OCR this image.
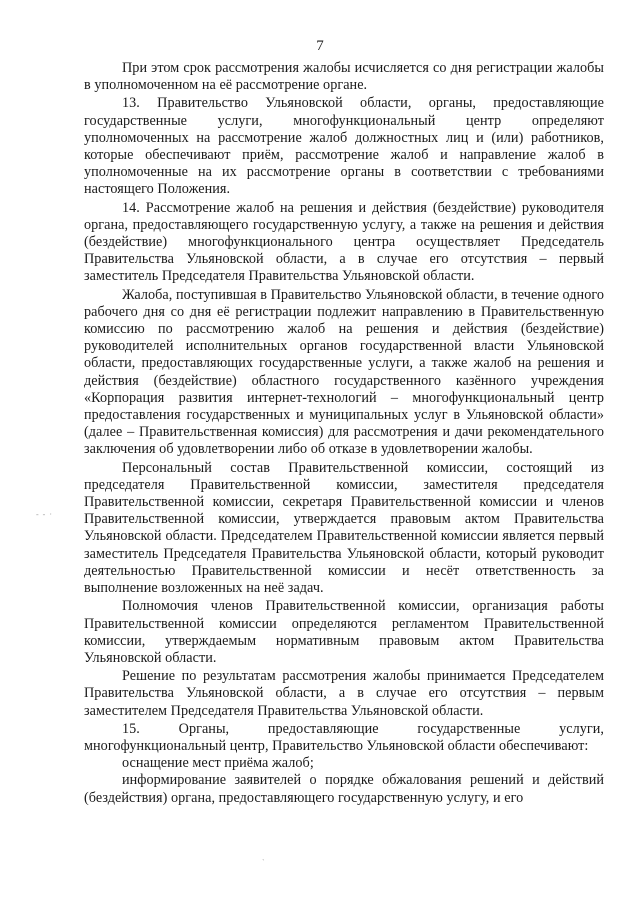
7

При этом срок рассмотрения жалобы исчисляется со дня регистрации жалобы в уполномоченном на её рассмотрение органе.

13. Правительство Ульяновской области, органы, предоставляющие государственные услуги, многофункциональный центр определяют уполномоченных на рассмотрение жалоб должностных лиц и (или) работников, которые обеспечивают приём, рассмотрение жалоб и направление жалоб в уполномоченные на их рассмотрение органы в соответствии с требованиями настоящего Положения.

14. Рассмотрение жалоб на решения и действия (бездействие) руководителя органа, предоставляющего государственную услугу, а также на решения и действия (бездействие) многофункционального центра осуществляет Председатель Правительства Ульяновской области, а в случае его отсутствия – первый заместитель Председателя Правительства Ульяновской области.

Жалоба, поступившая в Правительство Ульяновской области, в течение одного рабочего дня со дня её регистрации подлежит направлению в Правительственную комиссию по рассмотрению жалоб на решения и действия (бездействие) руководителей исполнительных органов государственной власти Ульяновской области, предоставляющих государственные услуги, а также жалоб на решения и действия (бездействие) областного государственного казённого учреждения «Корпорация развития интернет-технологий – многофункциональный центр предоставления государственных и муниципальных услуг в Ульяновской области» (далее – Правительственная комиссия) для рассмотрения и дачи рекомендательного заключения об удовлетворении либо об отказе в удовлетворении жалобы.

Персональный состав Правительственной комиссии, состоящий из председателя Правительственной комиссии, заместителя председателя Правительственной комиссии, секретаря Правительственной комиссии и членов Правительственной комиссии, утверждается правовым актом Правительства Ульяновской области. Председателем Правительственной комиссии является первый заместитель Председателя Правительства Ульяновской области, который руководит деятельностью Правительственной комиссии и несёт ответственность за выполнение возложенных на неё задач.

Полномочия членов Правительственной комиссии, организация работы Правительственной комиссии определяются регламентом Правительственной комиссии, утверждаемым нормативным правовым актом Правительства Ульяновской области.

Решение по результатам рассмотрения жалобы принимается Председателем Правительства Ульяновской области, а в случае его отсутствия – первым заместителем Председателя Правительства Ульяновской области.

15. Органы, предоставляющие государственные услуги, многофункциональный центр, Правительство Ульяновской области обеспечивают:

оснащение мест приёма жалоб;

информирование заявителей о порядке обжалования решений и действий (бездействия) органа, предоставляющего государственную услугу, и его

- - ·
`
